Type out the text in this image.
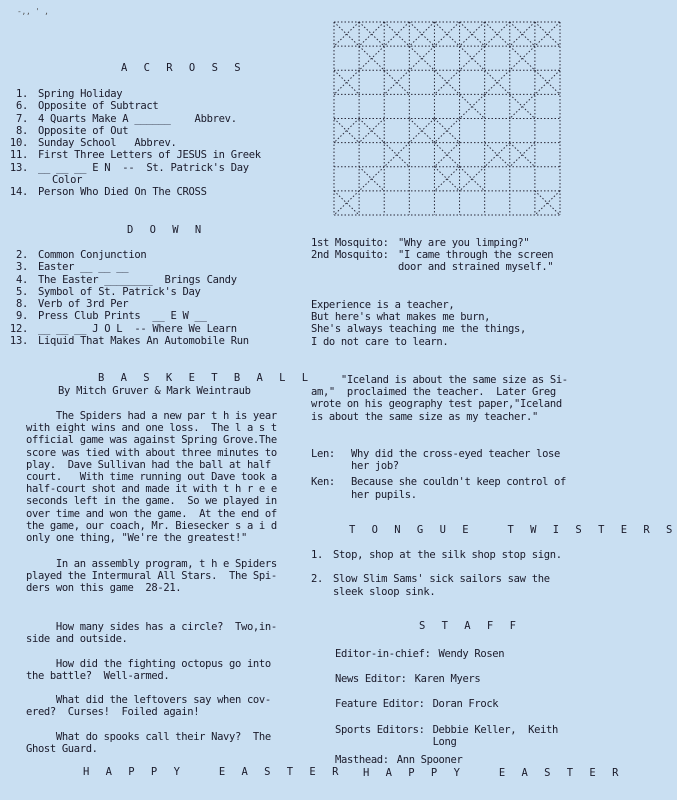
-,, ' ,
A C R O S S
1. Spring Holiday
6. Opposite of Subtract
7. 4 Quarts Make A ______    Abbrev.
8. Opposite of Out
10. Sunday School   Abbrev.
11. First Three Letters of JESUS in Greek
13. __ __ __ E N  --  St. Patrick's Day
Color
14. Person Who Died On The CROSS
D O W N
2. Common Conjunction
3. Easter __ __ __
4. The Easter ________  Brings Candy
5. Symbol of St. Patrick's Day
8. Verb of 3rd Per
9. Press Club Prints  __ E W __
12. __ __ __ J O L  -- Where We Learn
13. Liquid That Makes An Automobile Run
B A S K E T B A L L
By Mitch Gruver & Mark Weintraub
The Spiders had a new par t h is year
with eight wins and one loss.  The l a s t
official game was against Spring Grove.The
score was tied with about three minutes to
play.  Dave Sullivan had the ball at half
court.   With time running out Dave took a
half-court shot and made it with t h r e e
seconds left in the game.  So we played in
over time and won the game.  At the end of
the game, our coach, Mr. Biesecker s a i d
only one thing, "We're the greatest!"
In an assembly program, t h e Spiders
played the Intermural All Stars.  The Spi-
ders won this game  28-21.
How many sides has a circle?  Two,in-
side and outside.
How did the fighting octopus go into
the battle?  Well-armed.
What did the leftovers say when cov-
ered?  Curses!  Foiled again!
What do spooks call their Navy?  The
Ghost Guard.
H A P P Y   E A S T E R
1st Mosquito: "Why are you limping?"
2nd Mosquito: "I came through the screen
door and strained myself."
Experience is a teacher,
But here's what makes me burn,
She's always teaching me the things,
I do not care to learn.
"Iceland is about the same size as Si-
am,"  proclaimed the teacher.  Later Greg
wrote on his geography test paper,"Iceland
is about the same size as my teacher."
Len:	Why did the cross-eyed teacher lose
her job?
Ken:	Because she couldn't keep control of
her pupils.
T O N G U E   T W I S T E R S
1. Stop, shop at the silk shop stop sign.
2. Slow Slim Sams' sick sailors saw the
sleek sloop sink.
S T A F F
Editor-in-chief: Wendy Rosen
News Editor: Karen Myers
Feature Editor: Doran Frock
Sports Editors: Debbie Keller,  Keith
Long
Masthead: Ann Spooner
H A P P Y   E A S T E R
